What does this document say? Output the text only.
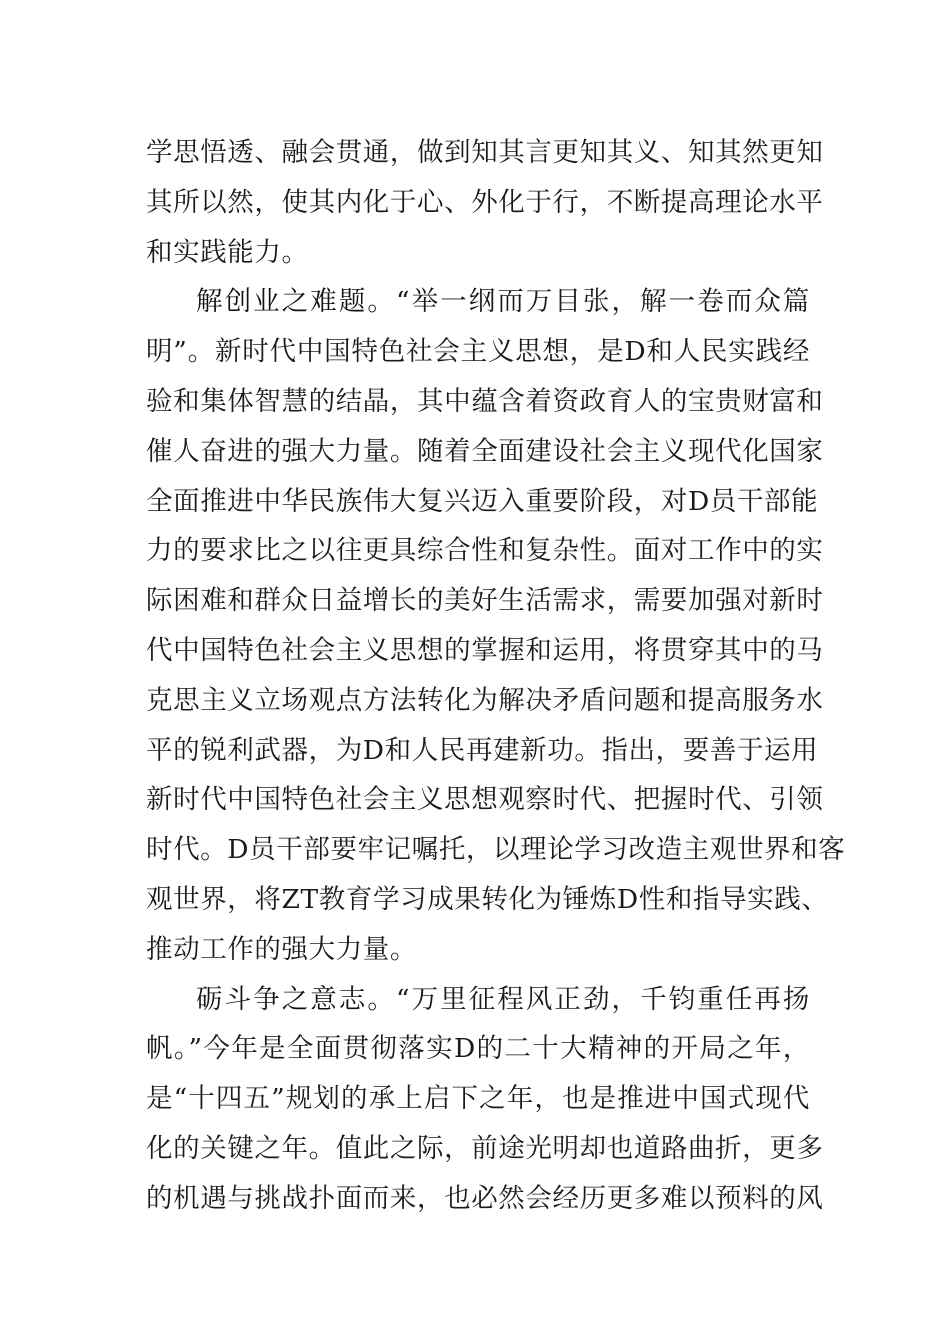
学思悟透、融会贯通，做到知其言更知其义、知其然更知
其所以然，使其内化于心、外化于行，不断提高理论水平
和实践能力。
解创业之难题。“举一纲而万目张，解一卷而众篇
明”。新时代中国特色社会主义思想，是D和人民实践经
验和集体智慧的结晶，其中蕴含着资政育人的宝贵财富和
催人奋进的强大力量。随着全面建设社会主义现代化国家
全面推进中华民族伟大复兴迈入重要阶段，对D员干部能
力的要求比之以往更具综合性和复杂性。面对工作中的实
际困难和群众日益增长的美好生活需求，需要加强对新时
代中国特色社会主义思想的掌握和运用，将贯穿其中的马
克思主义立场观点方法转化为解决矛盾问题和提高服务水
平的锐利武器，为D和人民再建新功。指出，要善于运用
新时代中国特色社会主义思想观察时代、把握时代、引领
时代。D员干部要牢记嘱托，以理论学习改造主观世界和客
观世界，将ZT教育学习成果转化为锤炼D性和指导实践、
推动工作的强大力量。
砺斗争之意志。“万里征程风正劲，千钧重任再扬
帆。”今年是全面贯彻落实D的二十大精神的开局之年，
是“十四五”规划的承上启下之年，也是推进中国式现代
化的关键之年。值此之际，前途光明却也道路曲折，更多
的机遇与挑战扑面而来，也必然会经历更多难以预料的风
